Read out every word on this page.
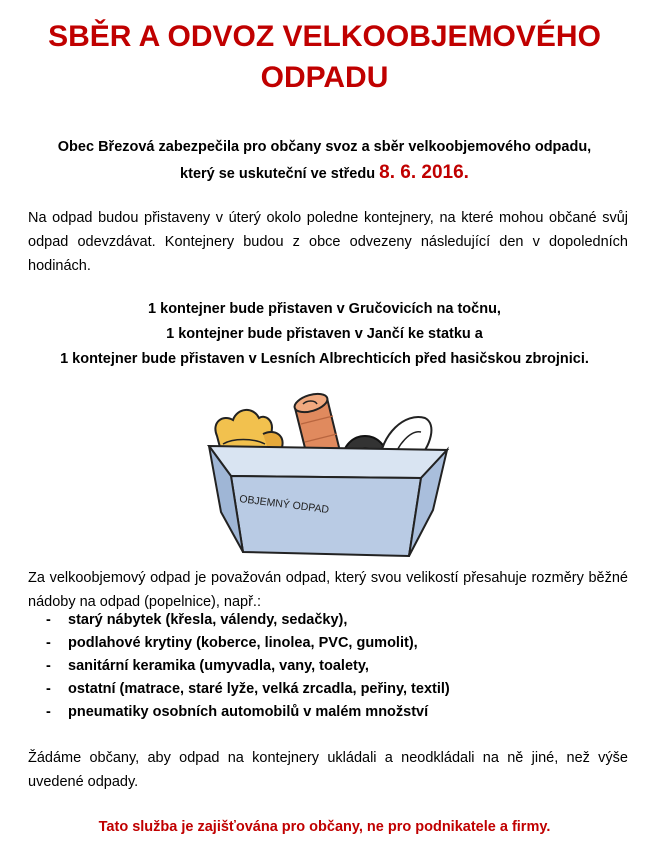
SBĚR A ODVOZ VELKOOBJEMOVÉHO
ODPADU
Obec Březová zabezpečila pro občany svoz a sběr velkoobjemového odpadu,
který se uskuteční ve středu 8. 6. 2016.
Na odpad budou přistaveny v úterý okolo poledne kontejnery, na které mohou občané svůj odpad odevzdávat. Kontejnery budou z obce odvezeny následující den v dopoledních hodinách.
1 kontejner bude přistaven v Gručovicích na točnu,
1 kontejner bude přistaven v Jančí ke statku a
1 kontejner bude přistaven v Lesních Albrechticích před hasičskou zbrojnici.
OBJEMNÝ ODPAD
Za velkoobjemový odpad je považován odpad, který svou velikostí přesahuje rozměry běžné nádoby na odpad (popelnice), např.:
- starý nábytek (křesla, válendy, sedačky),
- podlahové krytiny (koberce, linolea, PVC, gumolit),
- sanitární keramika (umyvadla, vany, toalety,
- ostatní (matrace, staré lyže, velká zrcadla, peřiny, textil)
- pneumatiky osobních automobilů v malém množství
Žádáme občany, aby odpad na kontejnery ukládali a neodkládali na ně jiné, než výše uvedené odpady.
Tato služba je zajišťována pro občany, ne pro podnikatele a firmy.
